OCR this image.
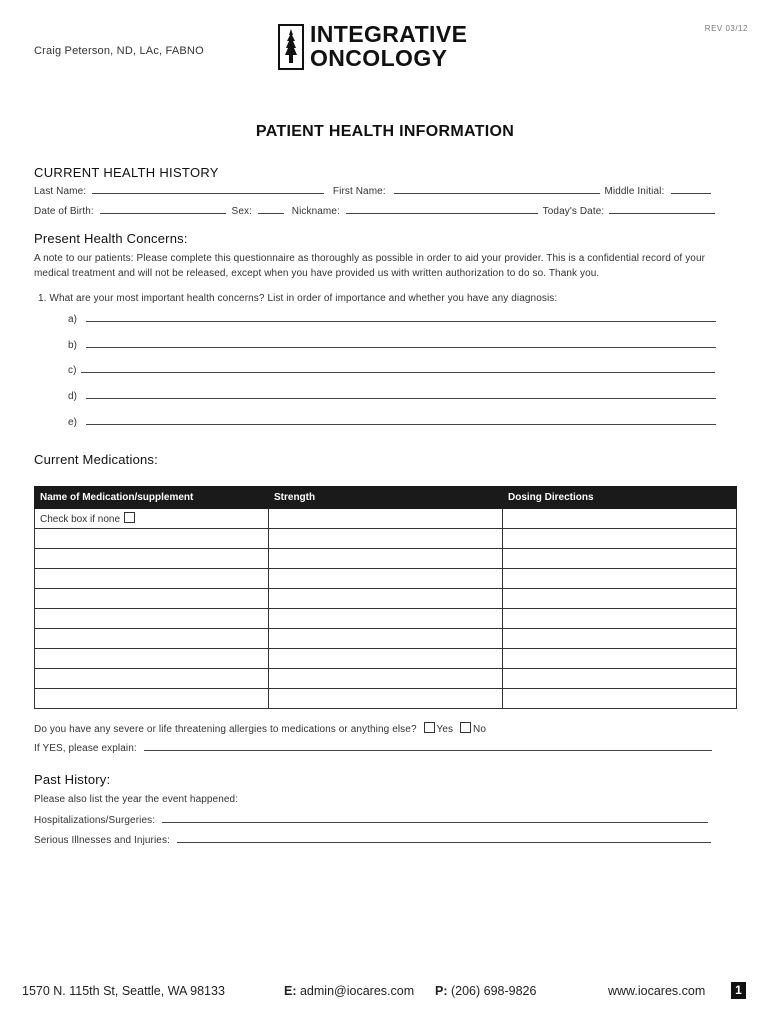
Craig Peterson, ND, LAc, FABNO
INTEGRATIVE
ONCOLOGY
REV 03/12
PATIENT HEALTH INFORMATION
CURRENT HEALTH HISTORY
Last Name:	First Name:	Middle Initial:
Date of Birth:	Sex:	Nickname:	Today's Date:
Present Health Concerns:
A note to our patients: Please complete this questionnaire as thoroughly as possible in order to aid your provider. This is a confidential record of your medical treatment and will not be released, except when you have provided us with written authorization to do so. Thank you.
1. What are your most important health concerns? List in order of importance and whether you have any diagnosis:
a)
b)
c)
d)
e)
Current Medications:
Name of Medication/supplement	Strength	Dosing Directions
Check box if none		

Do you have any severe or life threatening allergies to medications or anything else? Yes No
If YES, please explain:
Past History:
Please also list the year the event happened:
Hospitalizations/Surgeries:
Serious Illnesses and Injuries:
1570 N. 115th St, Seattle, WA 98133	E: admin@iocares.com P: (206) 698-9826	www.iocares.com	1
